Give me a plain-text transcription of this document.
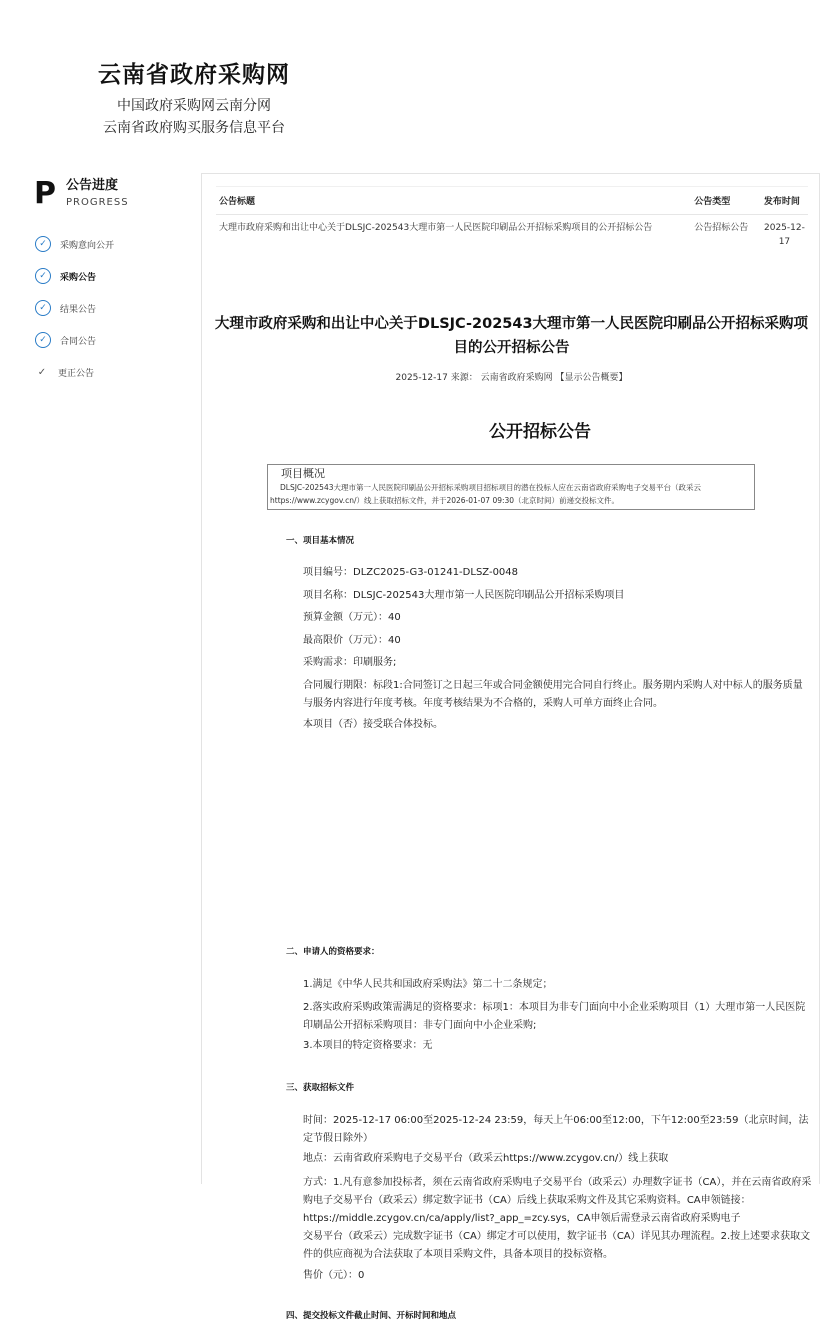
云南省政府采购网
中国政府采购网云南分网
云南省政府购买服务信息平台
P 公告进度
PROGRESS
✓	采购意向公开
✓	采购公告
✓	结果公告
✓	合同公告
✓	更正公告
公告标题	公告类型	发布时间
大理市政府采购和出让中心关于DLSJC-202543大理市第一人民医院印刷品公开招标采购项目的公开招标公告	公告招标公告	2025-12-17
大理市政府采购和出让中心关于DLSJC-202543大理市第一人民医院印刷品公开招标采购项目的公开招标公告
2025-12-17 来源： 云南省政府采购网 【显示公告概要】
公开招标公告
项目概况
DLSJC-202543大理市第一人民医院印刷品公开招标采购项目招标项目的潜在投标人应在云南省政府采购电子交易平台（政采云https://www.zcygov.cn/）线上获取招标文件，并于2026-01-07 09:30（北京时间）前递交投标文件。
一、项目基本情况
项目编号：DLZC2025-G3-01241-DLSZ-0048
项目名称：DLSJC-202543大理市第一人民医院印刷品公开招标采购项目
预算金额（万元）：40
最高限价（万元）：40
采购需求：印刷服务;
合同履行期限：标段1:合同签订之日起三年或合同金额使用完合同自行终止。服务期内采购人对中标人的服务质量与服务内容进行年度考核。年度考核结果为不合格的，采购人可单方面终止合同。
本项目（否）接受联合体投标。
二、申请人的资格要求：
1.满足《中华人民共和国政府采购法》第二十二条规定；
2.落实政府采购政策需满足的资格要求：标项1：本项目为非专门面向中小企业采购项目（1）大理市第一人民医院印刷品公开招标采购项目：非专门面向中小企业采购;
3.本项目的特定资格要求：无
三、获取招标文件
时间：2025-12-17 06:00至2025-12-24 23:59，每天上午06:00至12:00，下午12:00至23:59（北京时间，法定节假日除外）
地点：云南省政府采购电子交易平台（政采云https://www.zcygov.cn/）线上获取
方式：1.凡有意参加投标者，须在云南省政府采购电子交易平台（政采云）办理数字证书（CA），并在云南省政府采购电子交易平台（政采云）绑定数字证书（CA）后线上获取采购文件及其它采购资料。CA申领链接：https://middle.zcygov.cn/ca/apply/list?_app_=zcy.sys，CA申领后需登录云南省政府采购电子
交易平台（政采云）完成数字证书（CA）绑定才可以使用，数字证书（CA）详见其办理流程。2.按上述要求获取文件的供应商视为合法获取了本项目采购文件，具备本项目的投标资格。
售价（元）：0
四、提交投标文件截止时间、开标时间和地点
